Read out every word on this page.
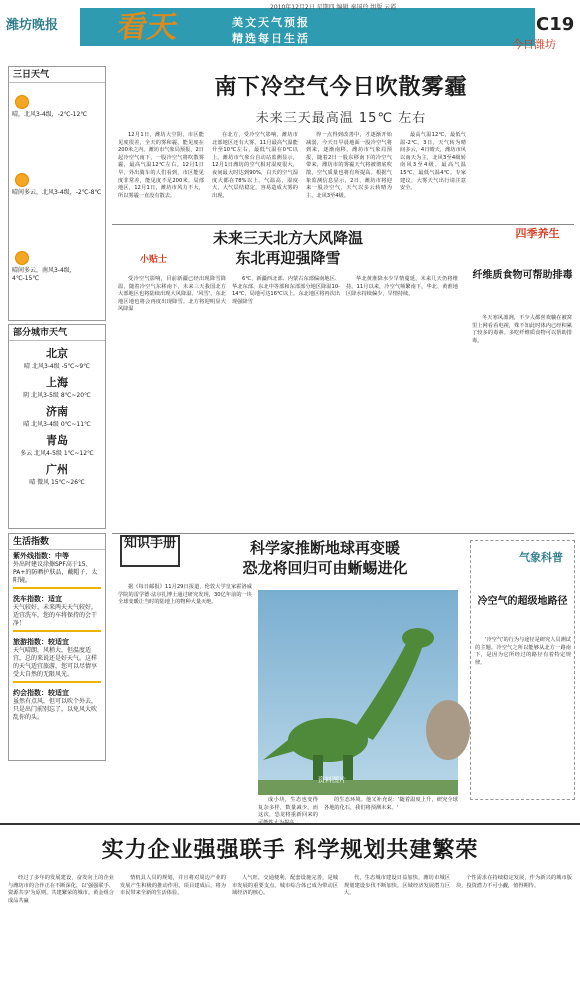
潍坊晚报 看天
2010年12月2日 星期四 编辑 秦国玲 组版 云霞
美文天气预报
精选每日生活
C19
今日潍坊
三日天气
晴，北风3-4级，-2℃-12℃
晴间多云，北风3-4级，-2℃-8℃
晴间多云，南风3-4级，4℃-15℃
部分城市天气
北京
晴 北风3-4级 -5℃~9℃
上海
阴 北风3-5级 8℃~20℃
济南
晴 北风3-4级 0℃~11℃
青岛
多云 北风4-5级 1℃~12℃
广州
晴 微风 15℃~26℃
生活指数
紫外线指数：中等
外出时建议涂擦SPF高于15、PA+的防晒护肤品，戴帽子、太阳镜。
洗车指数：适宜
天气较好，未来两天天气较好，适宜洗车，您的车将保持的会干净！
旅游指数：较适宜
天气晴朗，风稍大，但温度适宜，总的来说还是好天气。这样的天气适宜旅游，您可以尽情享受大自然的无限风光。
约会指数：较适宜
虽然有点风，但可以吹个外去，只是出门前别忘了，以免风大吹乱你的头。
南下冷空气今日吹散雾霾
未来三天最高温 15℃ 左右

12月1日，潍坊大空阴，市区能见度很差，全天的雾和霾，能见度在200米之内。潍坊市气象局预报，2日起冷空气南下，一股冷空气将吹散雾霾，最高气温12℃左右。12月1日早，外出骑车的人们看到，市区能见度非常差，能见度不足200米。局部地区，12月1日，潍坊市风力不大，所以雾霾一直没有散去。

在北方，受冷空气影响，潍坊市北部地区还有大雾。11月最高气温能升至10℃左右，最低气温在0℃以上。潍坊市气象台自动站监测显示，12月1日潍坊的空气相对湿度很大，夜间最大时达到90%，白天的空气湿度大都在78%以上。气温高，湿度大，大气层结稳定，容易造成大雾的出现。

得一点得到改善中，才逐渐开始减弱，今天日早晨地面一股冷空气将到来，逐渐南移。潍坊市气象局预报，随着2日一股东移南下的冷空气带来，潍坊市的雾霾天气将被彻底吹散，空气质量也将有所提高。根据气象监测信息显示，2日，潍坊市将迎来一股冷空气，天气以多云转晴为主，北风3至4级。

最高气温12℃，最低气温-2℃。3日，天气转为晴间多云，4日晴天，潍坊市风以南天为主，北风3至4级转南风3至4级，最高气温15℃，最低气温4℃。专家建议，大雾天气出行请注意安全。

小贴士
未来三天北方大风降温
东北再迎强降雪

受冷空气影响，目前新疆已经出现降雪降温，随着冷空气东移南下，未来三天我国北方大部地区也将陆续出现大风降温、'风雪'，东北地区地也将会再度出现降雪。北方将迎明显大风降温

6℃，新疆西北部、内蒙古东部偏南地区、华北东部、东北中等部和东部部分地区降温10-14℃，局地可达16℃以上。东北地区将再次出现强降雪

华北黄淮降水少旱情蔓延，未来几天仍将维持。11月以来，冷空气频繁南下，华北、黄淮地区降水持续偏少，旱情持续。

四季养生
纤维质食物可帮助排毒

冬天寒风凛冽，不少人都喜欢躺在被窝里上网看看电视，殊不知此时体内已经积累了较多的毒素。多吃纤维质食物可以帮助排毒。

知识手册	科学家推断地球再变暖
恐龙将回归可由蜥蜴进化

据《每日邮报》11月29日报道，伦敦大学皇家霍洛威学院的雷学德·法尔扎博士通过研究发现，30亿年前的一块全球变暖让当时的陆地上的物种大量灭绝。

资料图片

成小块，生态也变得复杂多样，数量减少。而这次，恐龙将重新回来的可能性大为提高。

的生态环境。他又补充说：'随着温度上升，研究全球各地的化石，我们将预测未来。'

气象科普
冷空气的超级地路径

'冷空气'的行为与途径是研究人员测试的主题。冷空气之所以能够从北方一路南下，是因为它所经过的路径有着特定规律。

实力企业强强联手 科学规划共建繁荣

经过了多年的发展建设，奋发向上的企业与潍坊市的合作正在不断深化，以'强强联手、资源共享'为原则，共建繁荣的城市。黄金组合成品共赢

情机具人员的规划，并且将对周边产业的发展产生积极的推动作用。项目建成后，将为市民带来全新的生活体验。

人气旺，交通便利，配套设施完善，是城市发展的重要支点。城市综合体已成为带动区域经济的核心。

代，生态城市建设日益加快，潍坊市城区规划建设步伐不断加快。区域经济发展潜力巨大。

个性需求在持续稳定发展，作为新兴的城市版块，投资潜力不可小觑，值得期待。
